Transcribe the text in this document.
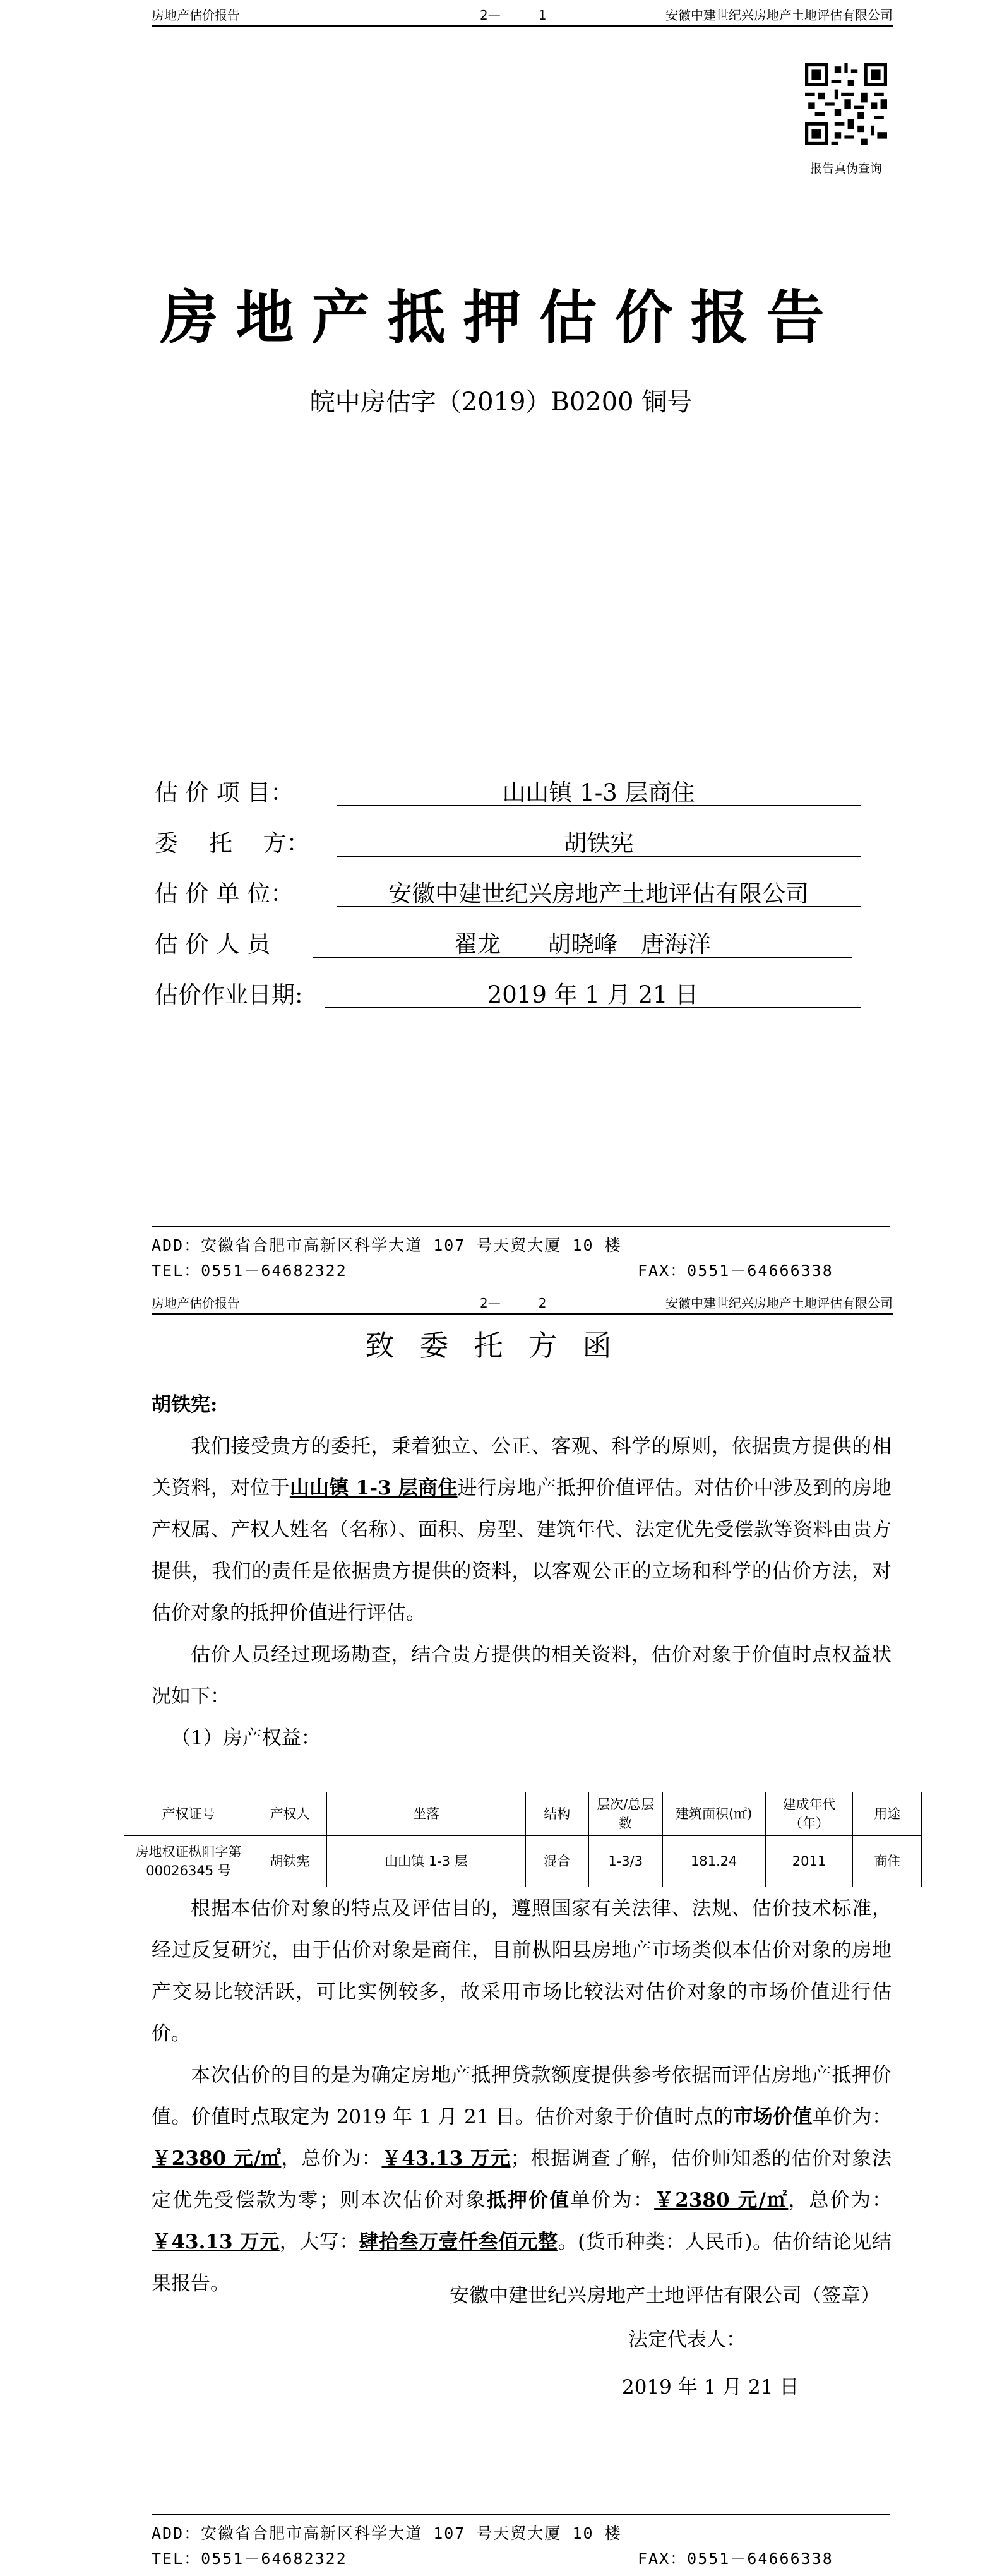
房地产估价报告	2—　　　1	安徽中建世纪兴房地产土地评估有限公司
报告真伪查询
房地产抵押估价报告
皖中房估字（2019）B0200 铜号
估 价 项 目：	山山镇 1-3 层商住
委　 托　 方：	胡铁宪
估 价 单 位：	安徽中建世纪兴房地产土地评估有限公司
估 价 人 员	翟龙　　胡晓峰　唐海洋
估价作业日期:	2019 年 1 月 21 日
ADD：安徽省合肥市高新区科学大道 107 号天贸大厦 10 楼
TEL：0551－64682322	FAX：0551－64666338
房地产估价报告	2—　　　2	安徽中建世纪兴房地产土地评估有限公司
致委托方函
胡铁宪:

我们接受贵方的委托，秉着独立、公正、客观、科学的原则，依据贵方提供的相关资料，对位于山山镇 1-3 层商住进行房地产抵押价值评估。对估价中涉及到的房地产权属、产权人姓名（名称）、面积、房型、建筑年代、法定优先受偿款等资料由贵方提供，我们的责任是依据贵方提供的资料，以客观公正的立场和科学的估价方法，对估价对象的抵押价值进行评估。

估价人员经过现场勘查，结合贵方提供的相关资料，估价对象于价值时点权益状况如下：

（1）房产权益：

产权证号	产权人	坐落	结构	层次/总层数	建筑面积(㎡)	建成年代（年）	用途
房地权证枞阳字第 00026345 号	胡铁宪	山山镇 1-3 层	混合	1-3/3	181.24	2011	商住

根据本估价对象的特点及评估目的，遵照国家有关法律、法规、估价技术标准，经过反复研究，由于估价对象是商住，目前枞阳县房地产市场类似本估价对象的房地产交易比较活跃，可比实例较多，故采用市场比较法对估价对象的市场价值进行估价。

本次估价的目的是为确定房地产抵押贷款额度提供参考依据而评估房地产抵押价值。价值时点取定为 2019 年 1 月 21 日。估价对象于价值时点的市场价值单价为：￥2380 元/㎡，总价为：￥43.13 万元；根据调查了解，估价师知悉的估价对象法定优先受偿款为零；则本次估价对象抵押价值单价为：￥2380 元/㎡，总价为：￥43.13 万元，大写：肆拾叁万壹仟叁佰元整。(货币种类：人民币)。估价结论见结果报告。

安徽中建世纪兴房地产土地评估有限公司（签章）
法定代表人：
2019 年 1 月 21 日
ADD：安徽省合肥市高新区科学大道 107 号天贸大厦 10 楼
TEL：0551－64682322	FAX：0551－64666338
